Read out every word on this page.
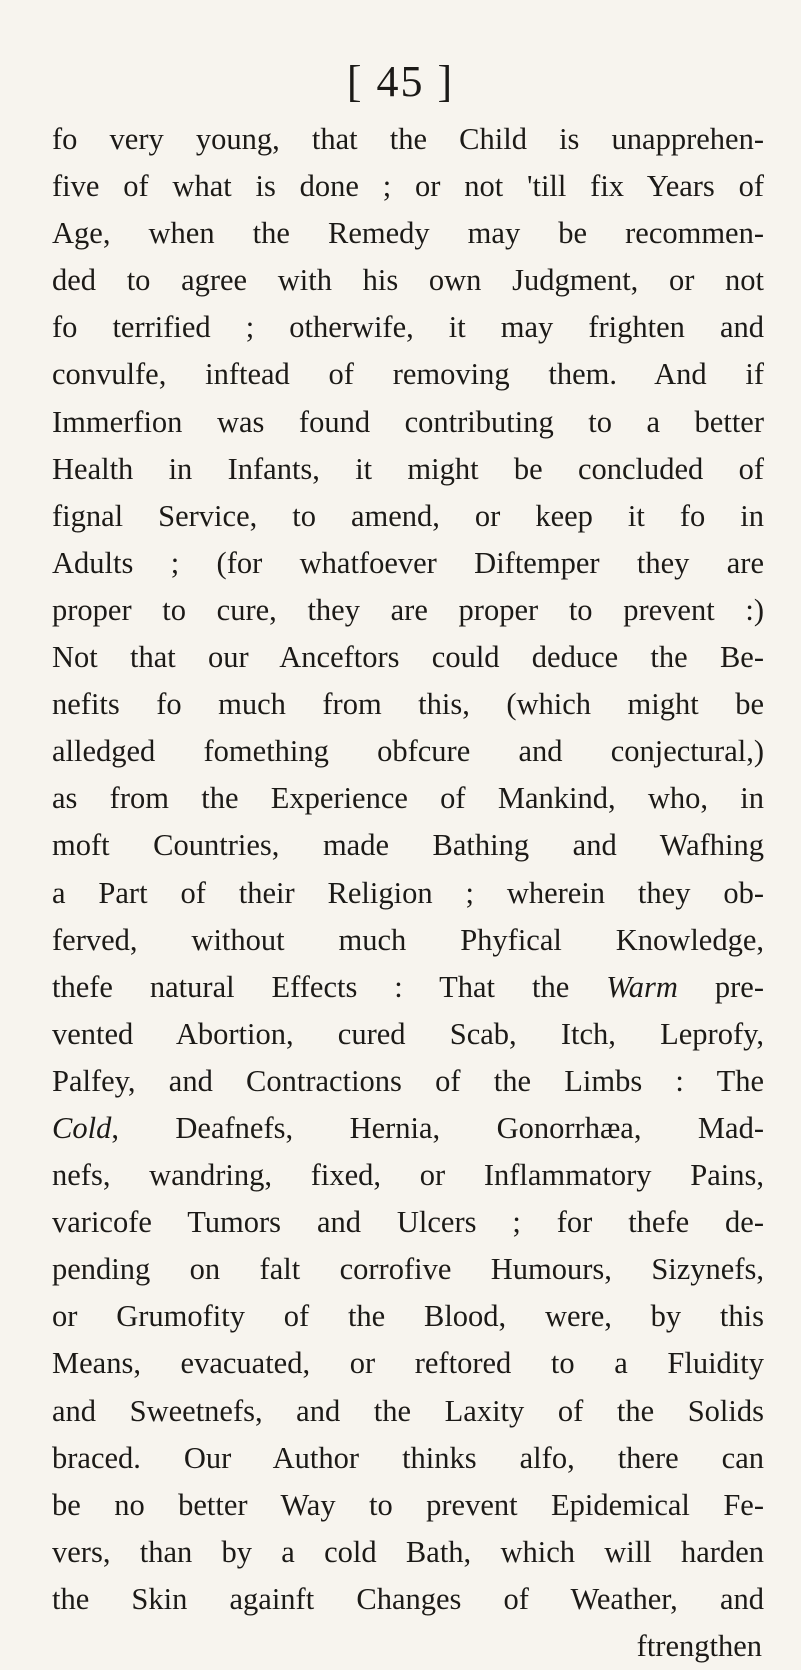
[ 45 ]
fo very young, that the Child is unapprehen-
five of what is done ; or not 'till fix Years of
Age, when the Remedy may be recommen-
ded to agree with his own Judgment, or not
fo terrified ; otherwife, it may frighten and
convulfe, inftead of removing them. And if
Immerfion was found contributing to a better
Health in Infants, it might be concluded of
fignal Service, to amend, or keep it fo in
Adults ; (for whatfoever Diftemper they are
proper to cure, they are proper to prevent :)
Not that our Anceftors could deduce the Be-
nefits fo much from this, (which might be
alledged fomething obfcure and conjectural,)
as from the Experience of Mankind, who, in
moft Countries, made Bathing and Wafhing
a Part of their Religion ; wherein they ob-
ferved, without much Phyfical Knowledge,
thefe natural Effects : That the Warm pre-
vented Abortion, cured Scab, Itch, Leprofy,
Palfey, and Contractions of the Limbs : The
Cold, Deafnefs, Hernia, Gonorrhæa, Mad-
nefs, wandring, fixed, or Inflammatory Pains,
varicofe Tumors and Ulcers ; for thefe de-
pending on falt corrofive Humours, Sizynefs,
or Grumofity of the Blood, were, by this
Means, evacuated, or reftored to a Fluidity
and Sweetnefs, and the Laxity of the Solids
braced. Our Author thinks alfo, there can
be no better Way to prevent Epidemical Fe-
vers, than by a cold Bath, which will harden
the Skin againft Changes of Weather, and
ftrengthen
